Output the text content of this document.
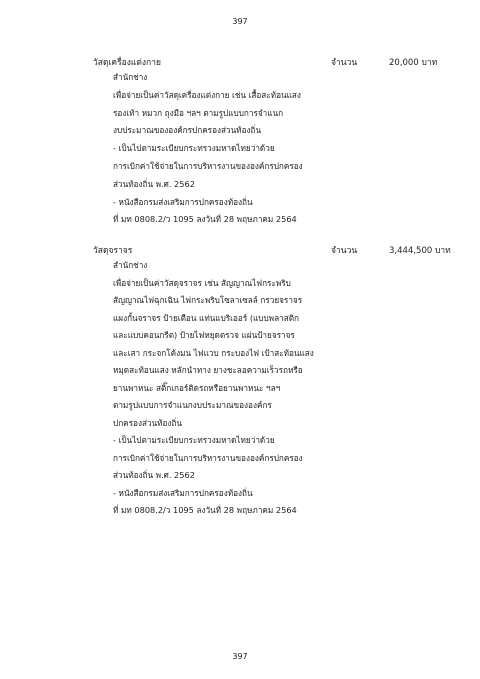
397
วัสดุเครื่องแต่งกาย	จำนวน	20,000 บาท
สำนักช่าง
เพื่อจ่ายเป็นค่าวัสดุเครื่องแต่งกาย เช่น เสื้อสะท้อนแสง
รองเท้า หมวก ถุงมือ ฯลฯ ตามรูปแบบการจำแนก
งบประมาณขององค์กรปกครองส่วนท้องถิ่น
- เป็นไปตามระเบียบกระทรวงมหาดไทยว่าด้วย
การเบิกค่าใช้จ่ายในการบริหารงานขององค์กรปกครอง
ส่วนท้องถิ่น พ.ศ. 2562
- หนังสือกรมส่งเสริมการปกครองท้องถิ่น
ที่ มท 0808.2/ว 1095 ลงวันที่ 28 พฤษภาคม 2564
วัสดุจราจร	จำนวน	3,444,500 บาท
สำนักช่าง
เพื่อจ่ายเป็นค่าวัสดุจราจร เช่น สัญญาณไฟกระพริบ
สัญญาณไฟฉุกเฉิน ไฟกระพริบโซลาเซลล์ กรวยจราจร
แผงกั้นจราจร ป้ายเตือน แท่นแบริเออร์ (แบบพลาสติก
และแบบคอนกรีต) ป้ายไฟหยุดตรวจ แผ่นป้ายจราจร
และเสา กระจกโค้งมน ไฟแวบ กระบองไฟ เป้าสะท้อนแสง
หมุดสะท้อนแสง หลักนำทาง ยางชะลอความเร็วรถหรือ
ยานพาหนะ สติ๊กเกอร์ติดรถหรือยานพาหนะ ฯลฯ
ตามรูปแบบการจำแนกงบประมาณขององค์กร
ปกครองส่วนท้องถิ่น
- เป็นไปตามระเบียบกระทรวงมหาดไทยว่าด้วย
การเบิกค่าใช้จ่ายในการบริหารงานขององค์กรปกครอง
ส่วนท้องถิ่น พ.ศ. 2562
- หนังสือกรมส่งเสริมการปกครองท้องถิ่น
ที่ มท 0808.2/ว 1095 ลงวันที่ 28 พฤษภาคม 2564
397
